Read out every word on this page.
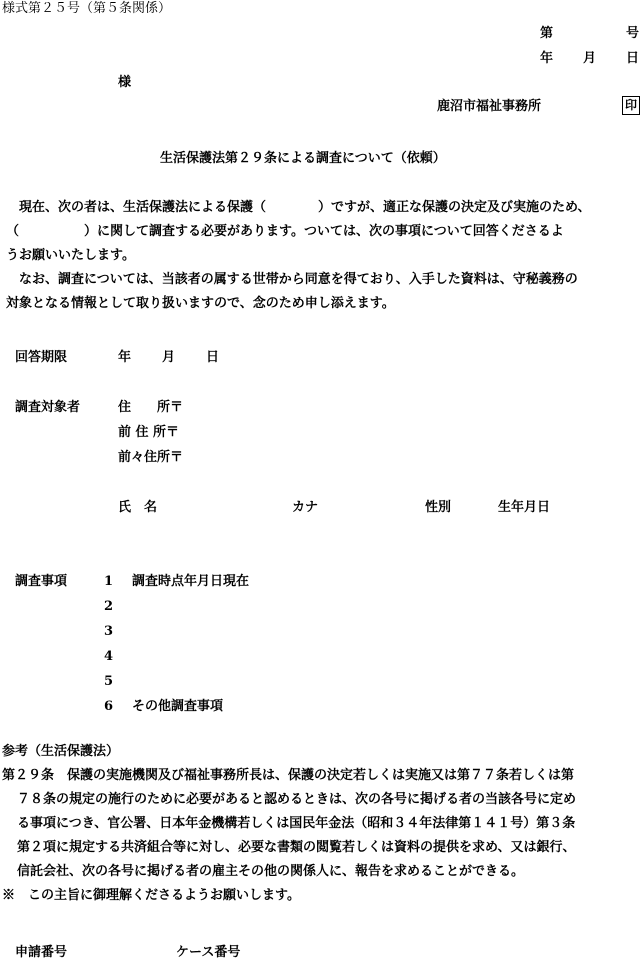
様式第２５号（第５条関係）
第	号
年 月 日
様
鹿沼市福祉事務所	印
生活保護法第２９条による調査について（依頼）

現在、次の者は、生活保護法による保護（　　　　）ですが、適正な保護の決定及び実施のため、

（　　　　　）に関して調査する必要があります。ついては、次の事項について回答くださるよ

うお願いいたします。

なお、調査については、当該者の属する世帯から同意を得ており、入手した資料は、守秘義務の

対象となる情報として取り扱いますので、念のため申し添えます。

回答期限	年 月 日
調査対象者	住　　所〒
前 住 所〒
前々住所〒
氏　名	カナ	性別	生年月日
調査事項	1 調査時点年月日現在
2
3
4
5
6 その他調査事項

参考（生活保護法）

第２９条　保護の実施機関及び福祉事務所長は、保護の決定若しくは実施又は第７７条若しくは第

７８条の規定の施行のために必要があると認めるときは、次の各号に掲げる者の当該各号に定め

る事項につき、官公署、日本年金機構若しくは国民年金法（昭和３４年法律第１４１号）第３条

第２項に規定する共済組合等に対し、必要な書類の閲覧若しくは資料の提供を求め、又は銀行、

信託会社、次の各号に掲げる者の雇主その他の関係人に、報告を求めることができる。

※　この主旨に御理解くださるようお願いします。

申請番号	ケース番号
